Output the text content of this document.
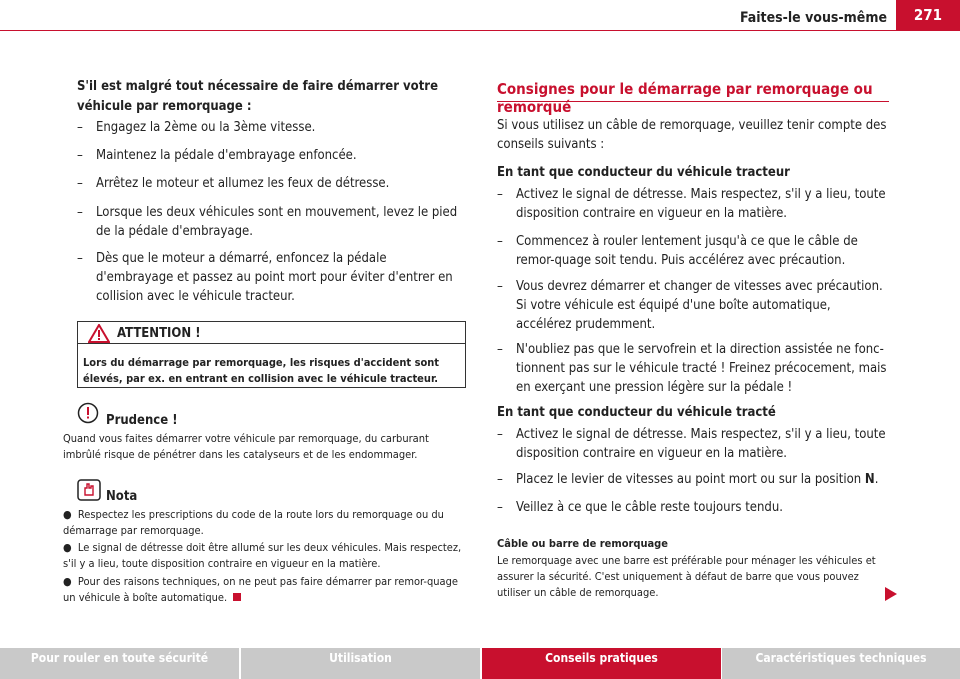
Faites-le vous-même	271
S'il est malgré tout nécessaire de faire démarrer votre véhicule par remorquage :
– Engagez la 2ème ou la 3ème vitesse.
– Maintenez la pédale d'embrayage enfoncée.
– Arrêtez le moteur et allumez les feux de détresse.
– Lorsque les deux véhicules sont en mouvement, levez le pied de la pédale d'embrayage.
– Dès que le moteur a démarré, enfoncez la pédale d'embrayage et passez au point mort pour éviter d'entrer en collision avec le véhicule tracteur.
ATTENTION !
Lors du démarrage par remorquage, les risques d'accident sont élevés, par ex. en entrant en collision avec le véhicule tracteur.
Prudence !
Quand vous faites démarrer votre véhicule par remorquage, du carburant imbrûlé risque de pénétrer dans les catalyseurs et de les endommager.
Nota
●  Respectez les prescriptions du code de la route lors du remorquage ou du démarrage par remorquage.
●  Le signal de détresse doit être allumé sur les deux véhicules. Mais respectez, s'il y a lieu, toute disposition contraire en vigueur en la matière.
●  Pour des raisons techniques, on ne peut pas faire démarrer par remor-quage un véhicule à boîte automatique.
Consignes pour le démarrage par remorquage ou remorqué
Si vous utilisez un câble de remorquage, veuillez tenir compte des conseils suivants :
En tant que conducteur du véhicule tracteur
– Activez le signal de détresse. Mais respectez, s'il y a lieu, toute disposition contraire en vigueur en la matière.
– Commencez à rouler lentement jusqu'à ce que le câble de remor-quage soit tendu. Puis accélérez avec précaution.
– Vous devrez démarrer et changer de vitesses avec précaution. Si votre véhicule est équipé d'une boîte automatique, accélérez prudemment.
– N'oubliez pas que le servofrein et la direction assistée ne fonc-tionnent pas sur le véhicule tracté ! Freinez précocement, mais en exerçant une pression légère sur la pédale !
En tant que conducteur du véhicule tracté
– Activez le signal de détresse. Mais respectez, s'il y a lieu, toute disposition contraire en vigueur en la matière.
– Placez le levier de vitesses au point mort ou sur la position N.
– Veillez à ce que le câble reste toujours tendu.
Câble ou barre de remorquage
Le remorquage avec une barre est préférable pour ménager les véhicules et assurer la sécurité. C'est uniquement à défaut de barre que vous pouvez utiliser un câble de remorquage.
Pour rouler en toute sécurité	Utilisation	Conseils pratiques	Caractéristiques techniques
